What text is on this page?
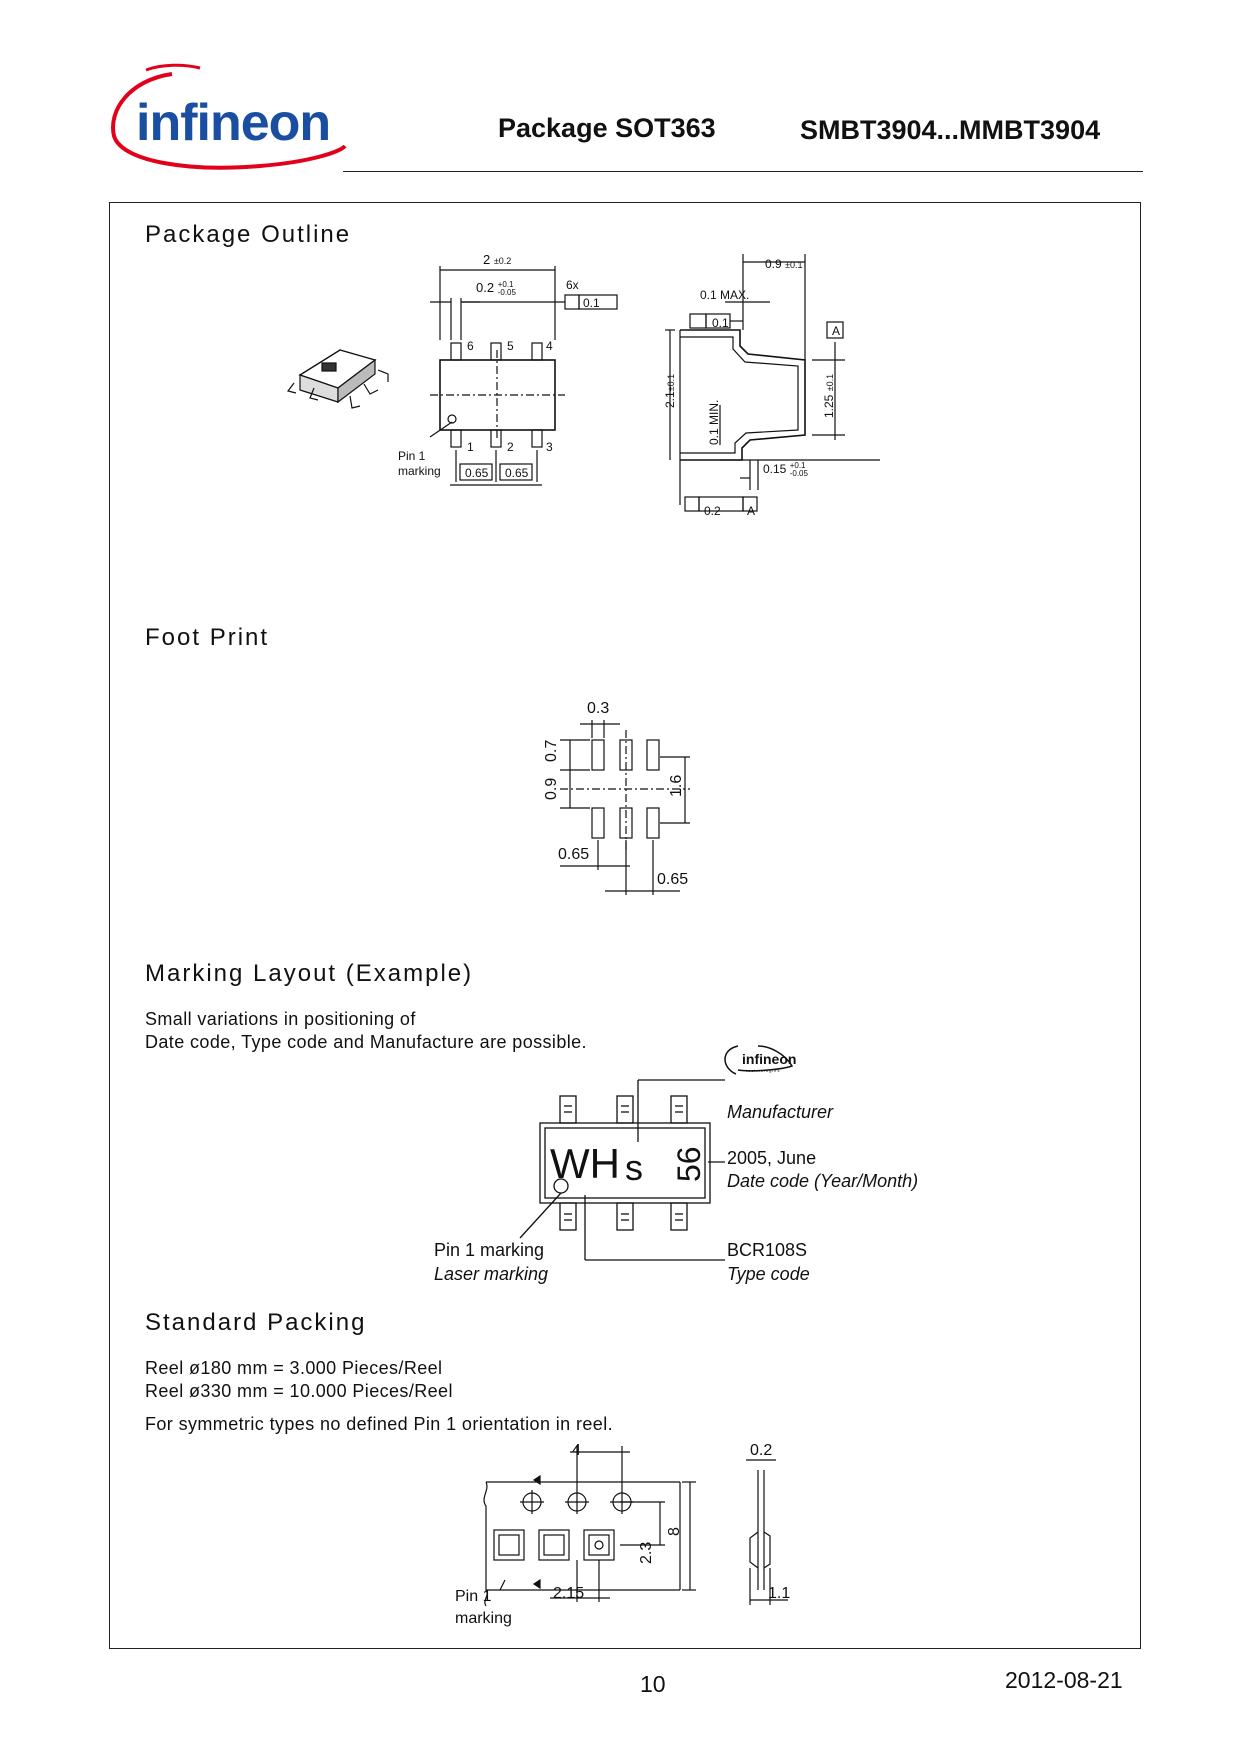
infineon	Package SOT363	SMBT3904...MMBT3904
Package Outline
2 ±0.2
0.2 +0.1
-0.05
6x
0.1
6	5	4
1	2	3
Pin 1
marking 0.65 0.65
0.9 ±0.1
0.1 MAX.
0.1
A
2.1±0.1
0.1 MIN.	1.25 ±0.1
0.15 +0.1
-0.05
0.2 A
Foot Print
0.3
0.7
0.9	1.6
0.65
0.65
Marking Layout (Example)
Small variations in positioning of
Date code, Type code and Manufacture are possible.
infineon
technologies
WH s 56
Manufacturer
2005, June
Date code (Year/Month)
Pin 1 marking
Laser marking
BCR108S
Type code
Standard Packing
Reel ø180 mm = 3.000 Pieces/Reel
Reel ø330 mm = 10.000 Pieces/Reel
For symmetric types no defined Pin 1 orientation in reel.
4
8
2.3
2.15
0.2
1.1
Pin 1
marking
10	2012-08-21
